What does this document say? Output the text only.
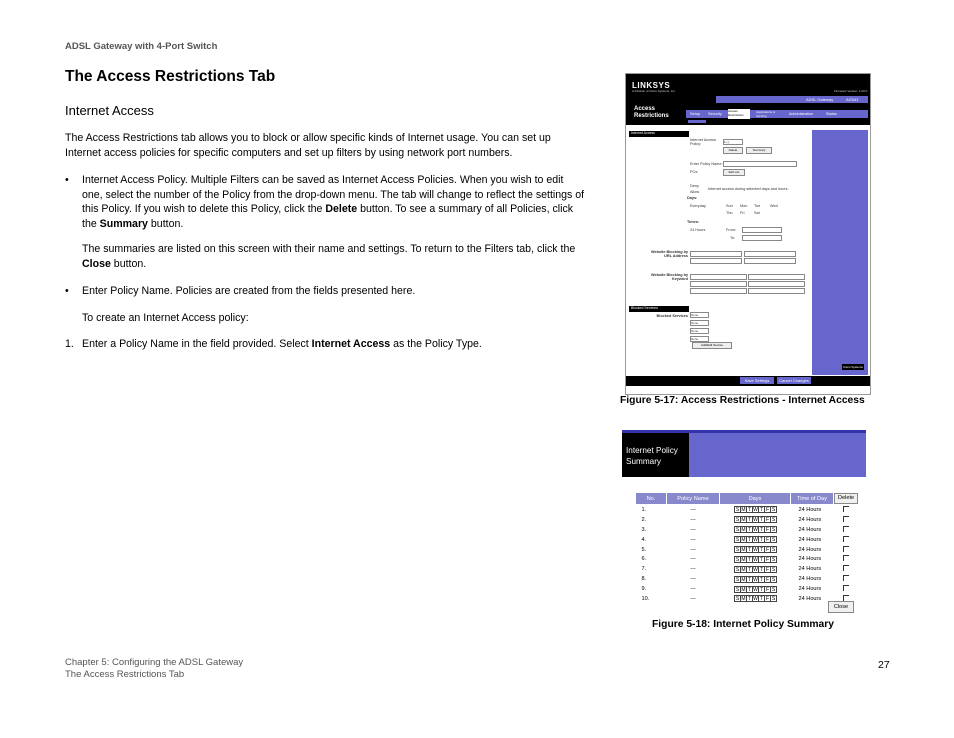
ADSL Gateway with 4-Port Switch
The Access Restrictions Tab
Internet Access
The Access Restrictions tab allows you to block or allow specific kinds of Internet usage. You can set up Internet access policies for specific computers and set up filters by using network port numbers.
•	Internet Access Policy. Multiple Filters can be saved as Internet Access Policies. When you wish to edit one, select the number of the Policy from the drop-down menu. The tab will change to reflect the settings of this Policy. If you wish to delete this Policy, click the Delete button. To see a summary of all Policies, click the Summary button.
The summaries are listed on this screen with their name and settings. To return to the Filters tab, click the Close button.
•	Enter Policy Name. Policies are created from the fields presented here.
To create an Internet Access policy:
1. Enter a Policy Name in the field provided. Select Internet Access as the Policy Type.
LINKSYS
A Division of Cisco Systems, Inc.	Firmware Version: 1.00.0
ADSL Gateway	AG041
Access Restrictions	Setup Security
Access Restrictions
Applications & Gaming	Administration	Status
Internet Access
Website Blocking by URL Address
Website Blocking by Keyword
Blocked Services
Blocked Services
Cisco Systems
Internet Access Policy:	1 ( )
Delete	Summary
Enter Policy Name:
PCs:	Edit List
Deny
Allow
Internet access during selected days and hours.
Days:
Everyday	Sun Mon Tue	Wed
Thu Fri	Sat
Times:
24 Hours	From:
To:
None
None
None
None
Add/Edit Service
Save Settings	Cancel Changes
Figure 5-17: Access Restrictions - Internet Access
Internet Policy Summary
No.	Policy Name	Days	Time of Day	Delete
1.	---	S M T W T F S	24 Hours	
2.	---	S M T W T F S	24 Hours	
3.	---	S M T W T F S	24 Hours	
4.	---	S M T W T F S	24 Hours	
5.	---	S M T W T F S	24 Hours	
6.	---	S M T W T F S	24 Hours	
7.	---	S M T W T F S	24 Hours	
8.	---	S M T W T F S	24 Hours	
9.	---	S M T W T F S	24 Hours	
10.	---	S M T W T F S	24 Hours	
Close
Figure 5-18: Internet Policy Summary
Chapter 5: Configuring the ADSL Gateway
The Access Restrictions Tab
27
